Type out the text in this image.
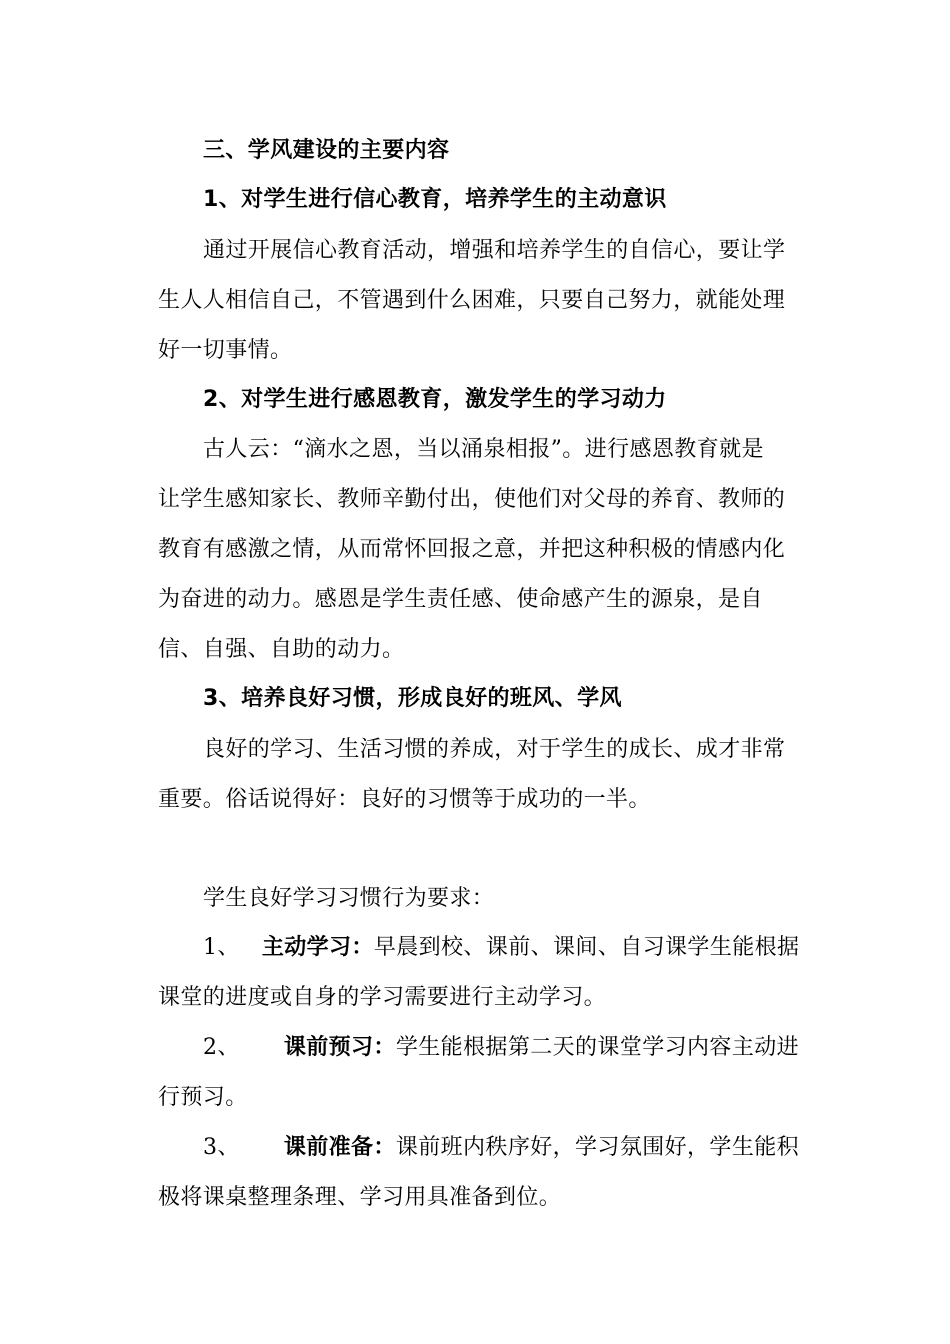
三、学风建设的主要内容
1、对学生进行信心教育，培养学生的主动意识
通过开展信心教育活动，增强和培养学生的自信心，要让学
生人人相信自己，不管遇到什么困难，只要自己努力，就能处理
好一切事情。
2、对学生进行感恩教育，激发学生的学习动力
古人云：“滴水之恩，当以涌泉相报”。进行感恩教育就是
让学生感知家长、教师辛勤付出，使他们对父母的养育、教师的
教育有感激之情，从而常怀回报之意，并把这种积极的情感内化
为奋进的动力。感恩是学生责任感、使命感产生的源泉，是自
信、自强、自助的动力。
3、培养良好习惯，形成良好的班风、学风
良好的学习、生活习惯的养成，对于学生的成长、成才非常
重要。俗话说得好：良好的习惯等于成功的一半。
学生良好学习习惯行为要求：
1、 主动学习：早晨到校、课前、课间、自习课学生能根据
课堂的进度或自身的学习需要进行主动学习。
2、 课前预习：学生能根据第二天的课堂学习内容主动进
行预习。
3、 课前准备：课前班内秩序好，学习氛围好，学生能积
极将课桌整理条理、学习用具准备到位。
